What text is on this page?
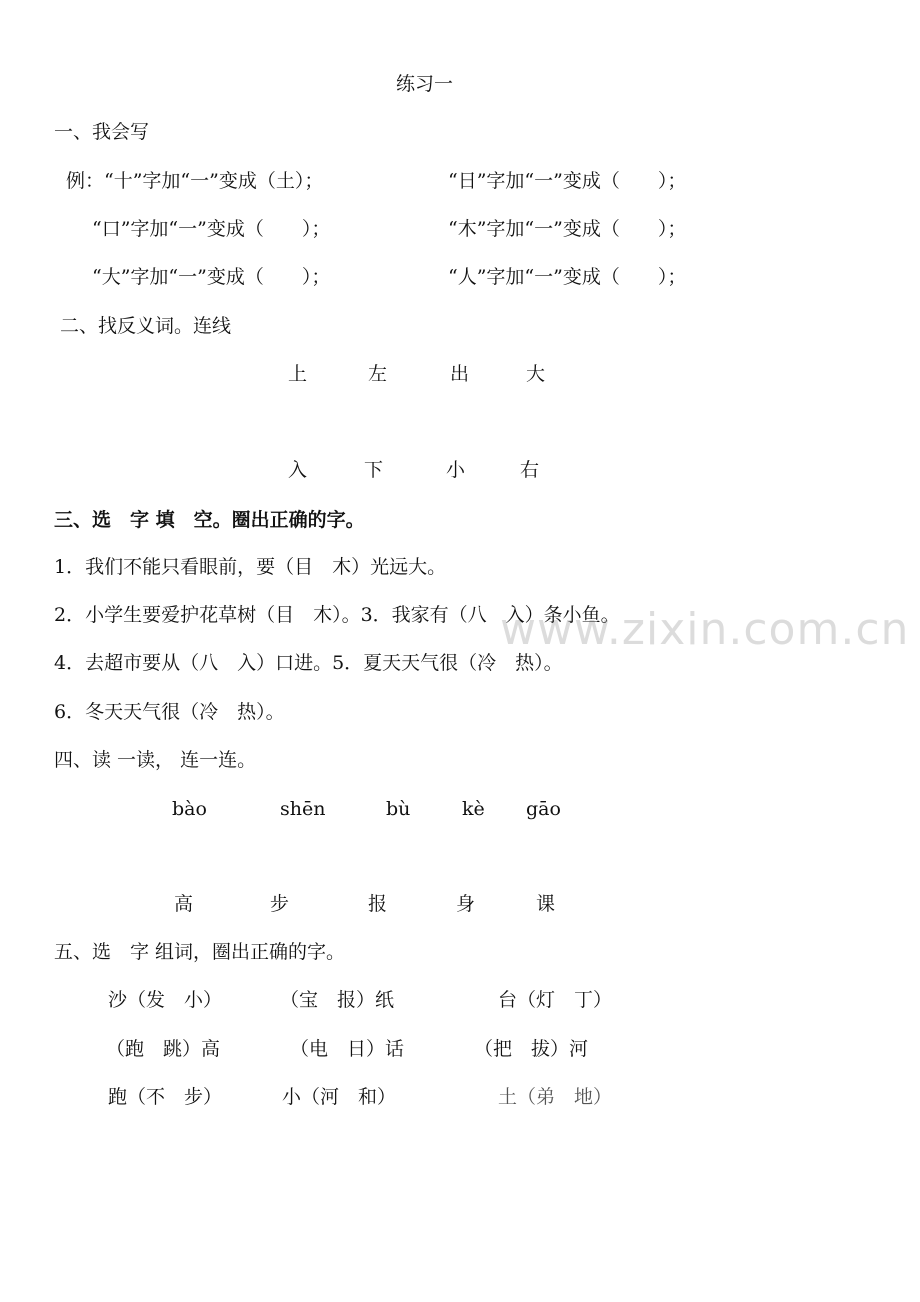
www.zixin.com.cn
练习一
一、我会写
例：“十”字加“一”变成（土）；	“日”字加“一”变成（　　）；
“口”字加“一”变成（　　）；	“木”字加“一”变成（　　）；
“大”字加“一”变成（　　）；	“人”字加“一”变成（　　）；
二、找反义词。连线
上	左	出	大
入	下	小	右
三、选　字 填　空。圈出正确的字。
1．我们不能只看眼前，要（目　木）光远大。
2．小学生要爱护花草树（目　木）。3．我家有（八　入）条小鱼。
4．去超市要从（八　入）口进。5．夏天天气很（冷　热）。
6．冬天天气很（冷　热）。
四、读 一读， 连一连。
bào	shēn	bù	kè gāo
高	步	报	身	课
五、选　字 组词，圈出正确的字。
沙（发　小）	（宝　报）纸	台（灯　丁）
（跑　跳）高	（电　日）话	（把　拔）河
跑（不　步）	小（河　和）	土（弟　地）
